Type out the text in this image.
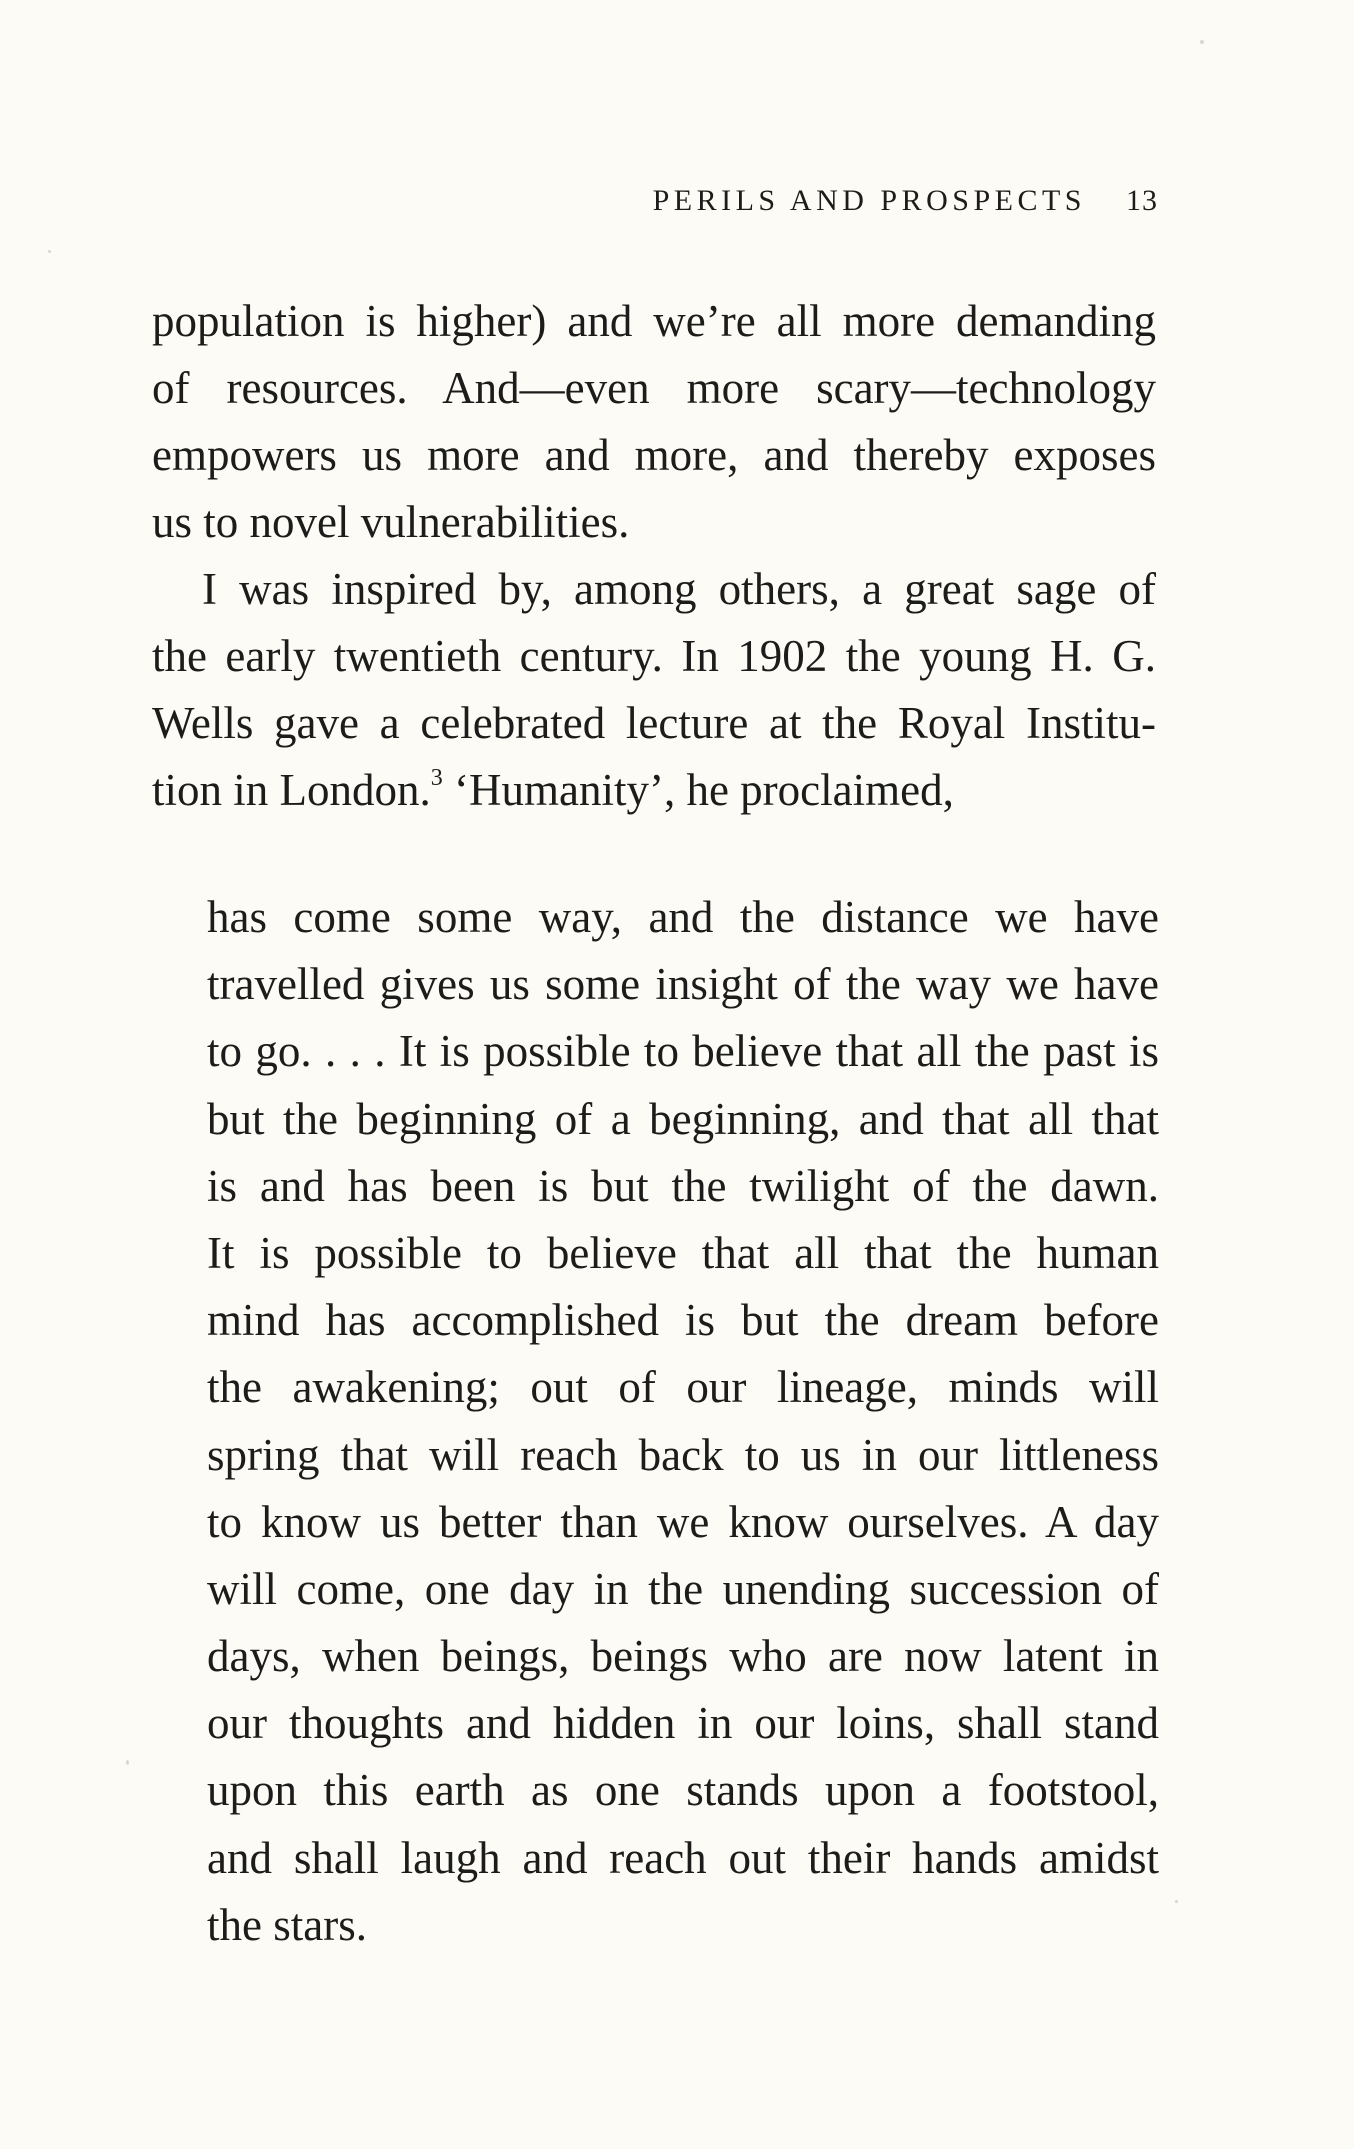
PERILS AND PROSPECTS 13
population is higher) and we’re all more demanding
of resources. And—even more scary—technology
empowers us more and more, and thereby exposes
us to novel vulnerabilities.
I was inspired by, among others, a great sage of
the early twentieth century. In 1902 the young H. G.
Wells gave a celebrated lecture at the Royal Institu-
tion in London.$^3$ ‘Humanity’, he proclaimed,
has come some way, and the distance we have
travelled gives us some insight of the way we have
to go. . . . It is possible to believe that all the past is
but the beginning of a beginning, and that all that
is and has been is but the twilight of the dawn.
It is possible to believe that all that the human
mind has accomplished is but the dream before
the awakening; out of our lineage, minds will
spring that will reach back to us in our littleness
to know us better than we know ourselves. A day
will come, one day in the unending succession of
days, when beings, beings who are now latent in
our thoughts and hidden in our loins, shall stand
upon this earth as one stands upon a footstool,
and shall laugh and reach out their hands amidst
the stars.
